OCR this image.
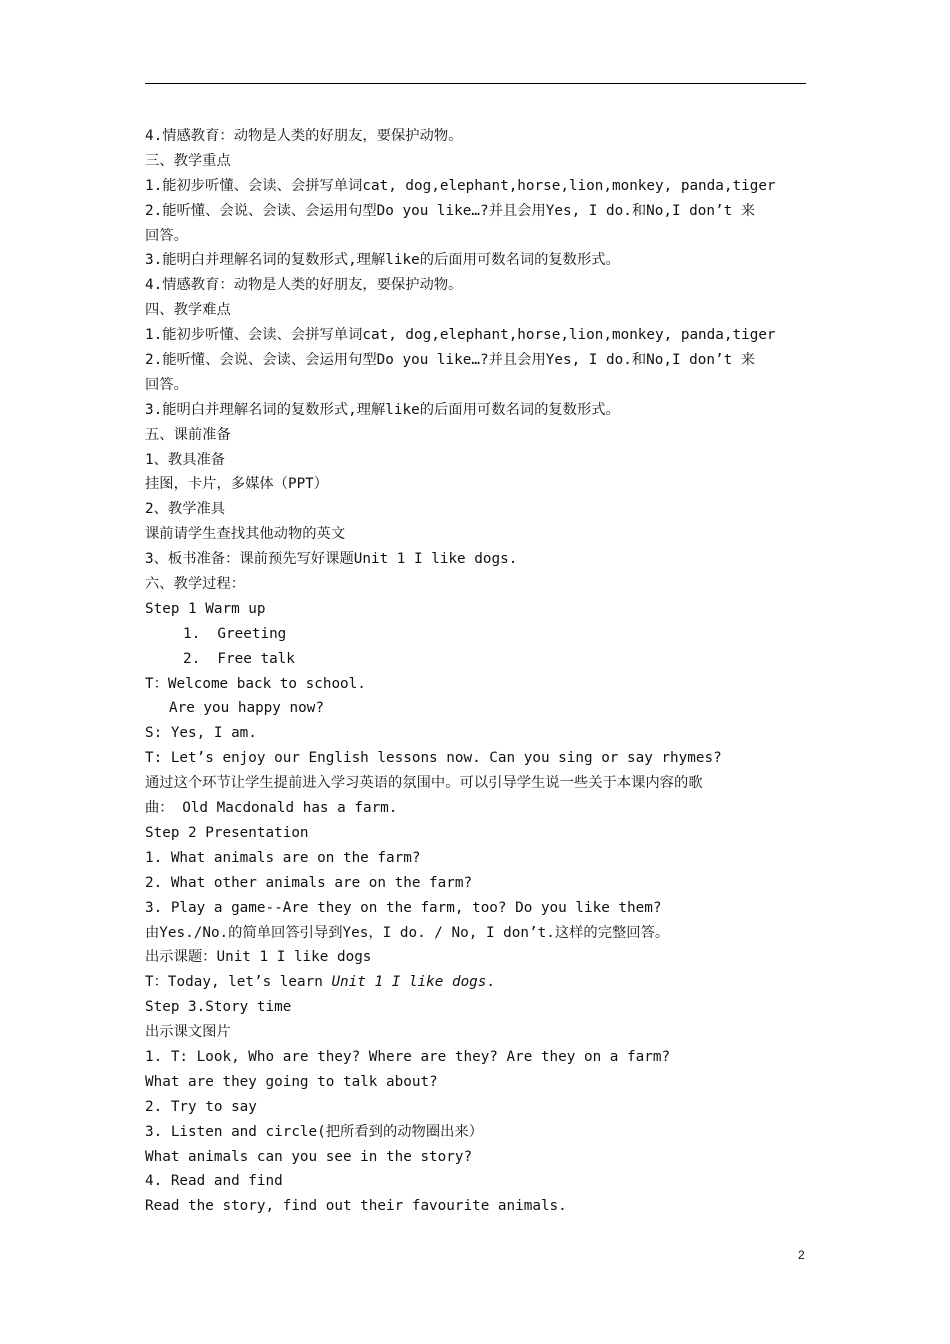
4.情感教育：动物是人类的好朋友，要保护动物。
三、教学重点
1.能初步听懂、会读、会拼写单词cat, dog,elephant,horse,lion,monkey, panda,tiger
2.能听懂、会说、会读、会运用句型Do you like…?并且会用Yes, I do.和No,I don’t 来
回答。
3.能明白并理解名词的复数形式,理解like的后面用可数名词的复数形式。
4.情感教育：动物是人类的好朋友，要保护动物。
四、教学难点
1.能初步听懂、会读、会拼写单词cat, dog,elephant,horse,lion,monkey, panda,tiger
2.能听懂、会说、会读、会运用句型Do you like…?并且会用Yes, I do.和No,I don’t 来
回答。
3.能明白并理解名词的复数形式,理解like的后面用可数名词的复数形式。
五、课前准备
1、教具准备
挂图，卡片，多媒体（PPT）
2、教学准具
课前请学生查找其他动物的英文
3、板书准备：课前预先写好课题Unit 1 I like dogs.
六、教学过程：
Step 1 Warm up
1.  Greeting
2.  Free talk
T：Welcome back to school.
Are you happy now?
S: Yes, I am.
T: Let’s enjoy our English lessons now. Can you sing or say rhymes?
通过这个环节让学生提前进入学习英语的氛围中。可以引导学生说一些关于本课内容的歌
曲： Old Macdonald has a farm.
Step 2 Presentation
1. What animals are on the farm?
2. What other animals are on the farm?
3. Play a game--Are they on the farm, too? Do you like them?
由Yes./No.的简单回答引导到Yes，I do. / No, I don’t.这样的完整回答。
出示课题：Unit 1 I like dogs
T：Today, let’s learn Unit 1 I like dogs.
Step 3.Story time
出示课文图片
1. T: Look, Who are they? Where are they? Are they on a farm?
What are they going to talk about?
2. Try to say
3. Listen and circle(把所看到的动物圈出来）
What animals can you see in the story?
4. Read and find
Read the story, find out their favourite animals.
2
